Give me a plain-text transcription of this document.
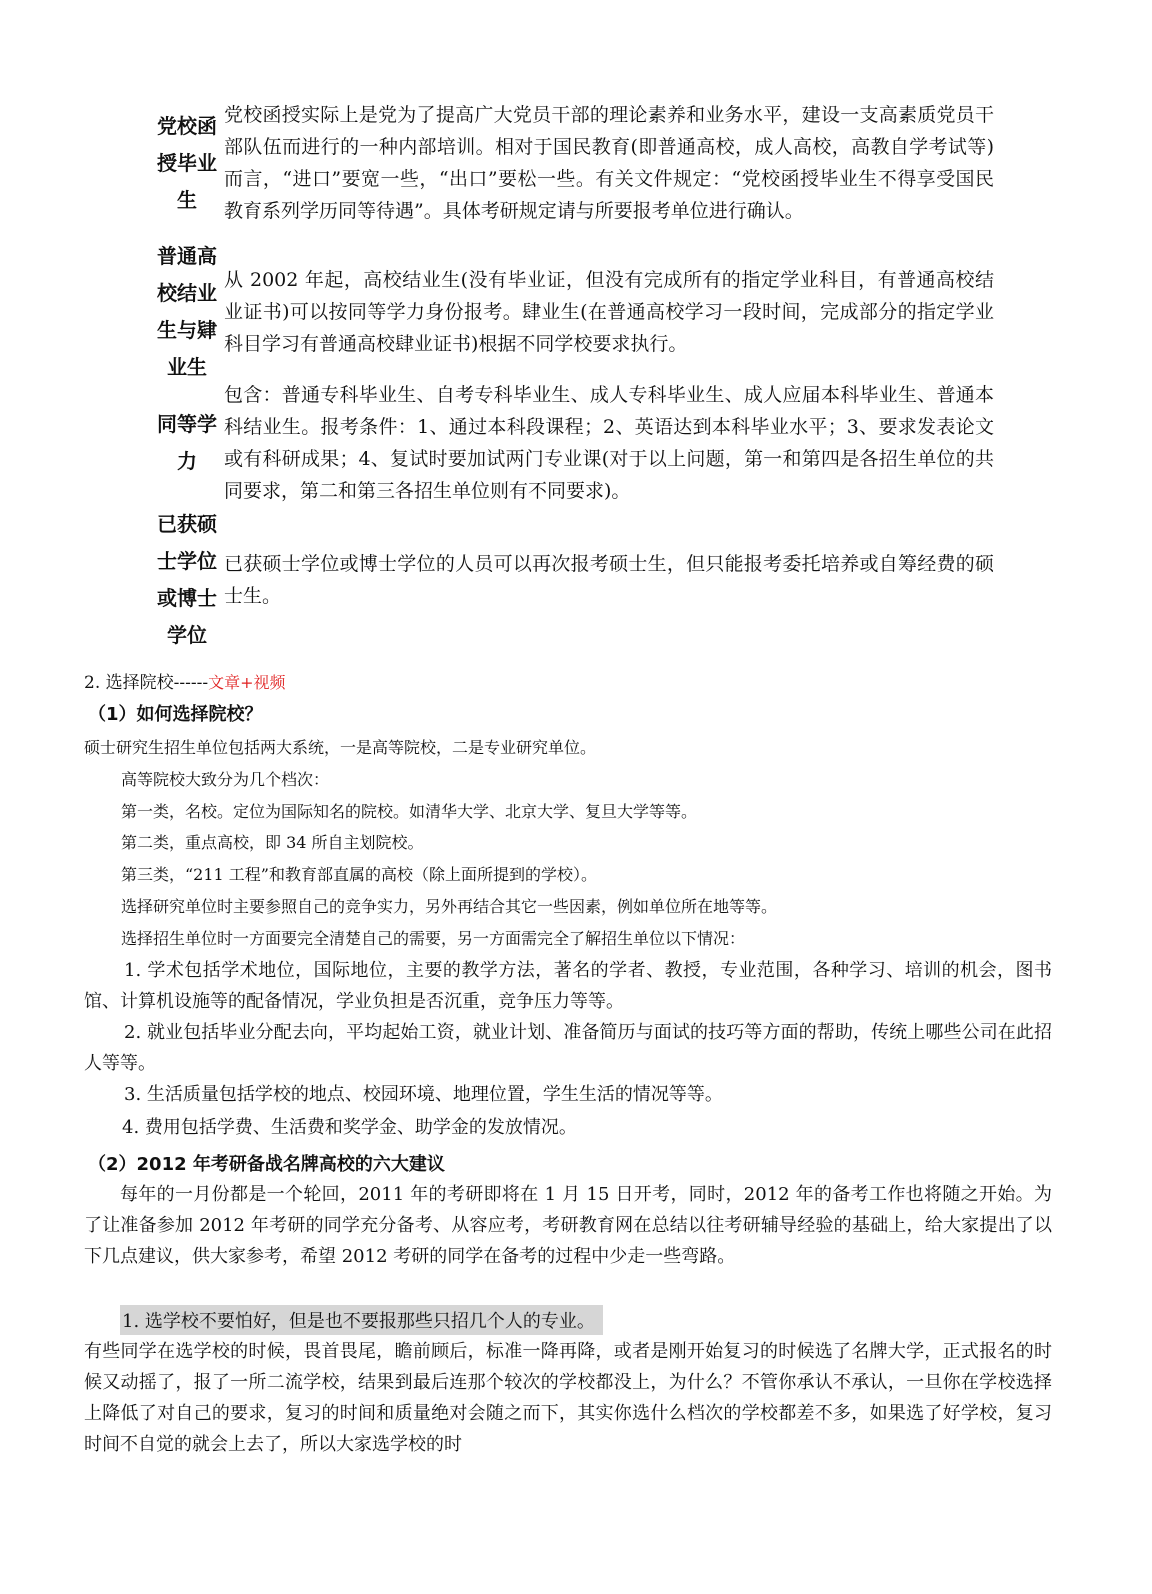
党校函授毕业生
党校函授实际上是党为了提高广大党员干部的理论素养和业务水平，建设一支高素质党员干部队伍而进行的一种内部培训。相对于国民教育(即普通高校，成人高校，高教自学考试等)而言，“进口”要宽一些，“出口”要松一些。有关文件规定：“党校函授毕业生不得享受国民教育系列学历同等待遇”。具体考研规定请与所要报考单位进行确认。
普通高校结业生与肄业生
从 2002 年起，高校结业生(没有毕业证，但没有完成所有的指定学业科目，有普通高校结业证书)可以按同等学力身份报考。肆业生(在普通高校学习一段时间，完成部分的指定学业科目学习有普通高校肆业证书)根据不同学校要求执行。
同等学力
包含：普通专科毕业生、自考专科毕业生、成人专科毕业生、成人应届本科毕业生、普通本科结业生。报考条件：1、通过本科段课程；2、英语达到本科毕业水平；3、要求发表论文或有科研成果；4、复试时要加试两门专业课(对于以上问题，第一和第四是各招生单位的共同要求，第二和第三各招生单位则有不同要求)。
已获硕士学位或博士学位
已获硕士学位或博士学位的人员可以再次报考硕士生，但只能报考委托培养或自筹经费的硕士生。
2. 选择院校------文章+视频
（1）如何选择院校？
硕士研究生招生单位包括两大系统，一是高等院校，二是专业研究单位。
高等院校大致分为几个档次：
第一类，名校。定位为国际知名的院校。如清华大学、北京大学、复旦大学等等。
第二类，重点高校，即 34 所自主划院校。
第三类，“211 工程”和教育部直属的高校（除上面所提到的学校）。
选择研究单位时主要参照自己的竞争实力，另外再结合其它一些因素，例如单位所在地等等。
选择招生单位时一方面要完全清楚自己的需要，另一方面需完全了解招生单位以下情况：
1. 学术包括学术地位，国际地位，主要的教学方法，著名的学者、教授，专业范围，各种学习、培训的机会，图书馆、计算机设施等的配备情况，学业负担是否沉重，竞争压力等等。
2. 就业包括毕业分配去向，平均起始工资，就业计划、准备简历与面试的技巧等方面的帮助，传统上哪些公司在此招人等等。
3. 生活质量包括学校的地点、校园环境、地理位置，学生生活的情况等等。
4. 费用包括学费、生活费和奖学金、助学金的发放情况。
（2）2012 年考研备战名牌高校的六大建议
每年的一月份都是一个轮回，2011 年的考研即将在 1 月 15 日开考，同时，2012 年的备考工作也将随之开始。为了让准备参加 2012 年考研的同学充分备考、从容应考，考研教育网在总结以往考研辅导经验的基础上，给大家提出了以下几点建议，供大家参考，希望 2012 考研的同学在备考的过程中少走一些弯路。
1. 选学校不要怕好，但是也不要报那些只招几个人的专业。
有些同学在选学校的时候，畏首畏尾，瞻前顾后，标准一降再降，或者是刚开始复习的时候选了名牌大学，正式报名的时候又动摇了，报了一所二流学校，结果到最后连那个较次的学校都没上，为什么？不管你承认不承认，一旦你在学校选择上降低了对自己的要求，复习的时间和质量绝对会随之而下，其实你选什么档次的学校都差不多，如果选了好学校，复习时间不自觉的就会上去了，所以大家选学校的时
